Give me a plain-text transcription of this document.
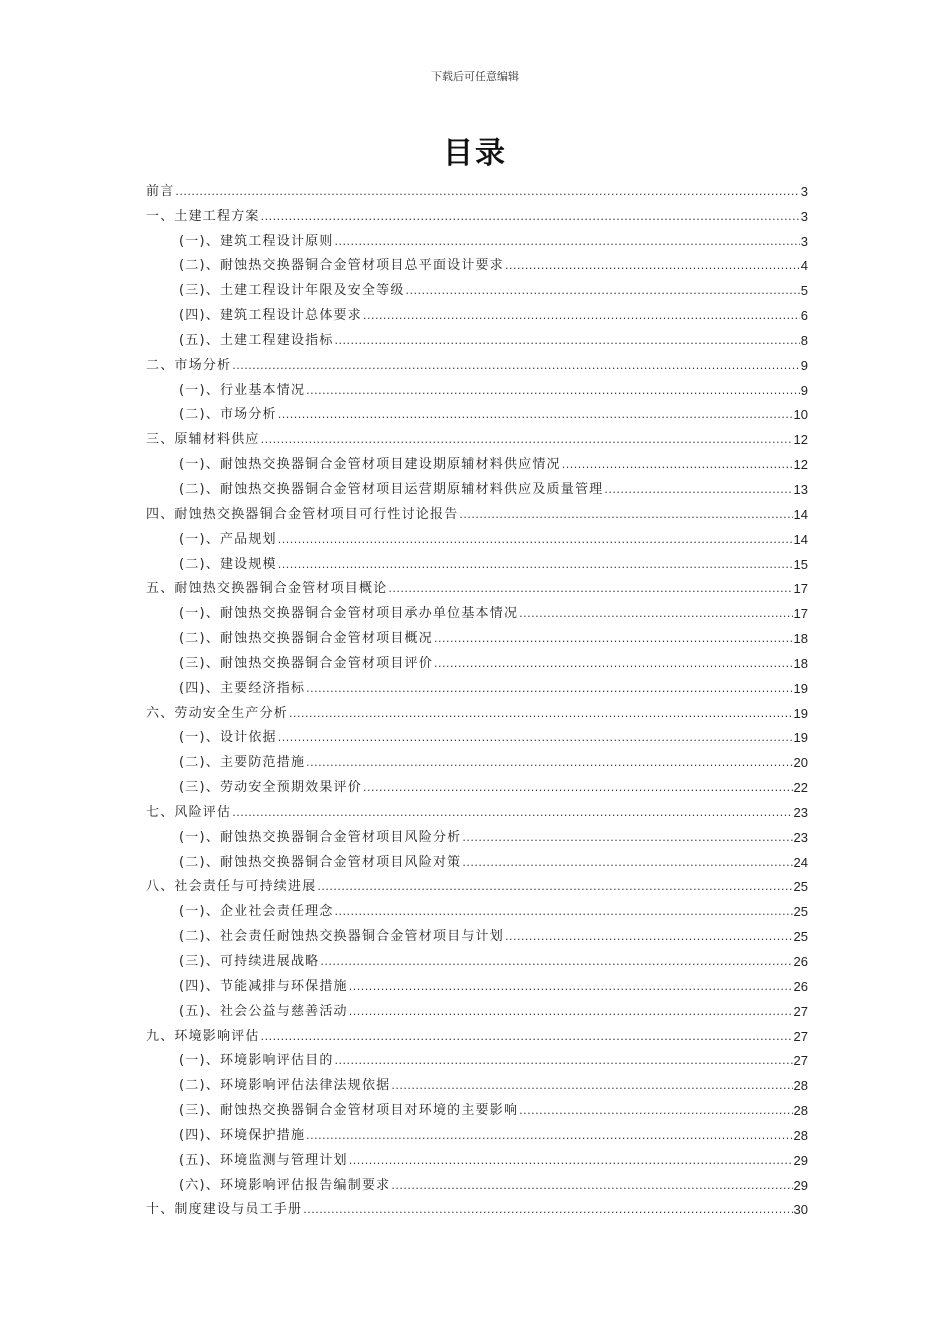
下载后可任意编辑
目录
前言 .....	3
一、土建工程方案 .....	3
(一)、建筑工程设计原则 .....	3
(二)、耐蚀热交换器铜合金管材项目总平面设计要求 .....	4
(三)、土建工程设计年限及安全等级 .....	5
(四)、建筑工程设计总体要求 .....	6
(五)、土建工程建设指标 .....	8
二、市场分析 .....	9
(一)、行业基本情况 .....	9
(二)、市场分析 .....	10
三、原辅材料供应 .....	12
(一)、耐蚀热交换器铜合金管材项目建设期原辅材料供应情况 .....	12
(二)、耐蚀热交换器铜合金管材项目运营期原辅材料供应及质量管理 .....	13
四、耐蚀热交换器铜合金管材项目可行性讨论报告 .....	14
(一)、产品规划 .....	14
(二)、建设规模 .....	15
五、耐蚀热交换器铜合金管材项目概论 .....	17
(一)、耐蚀热交换器铜合金管材项目承办单位基本情况 .....	17
(二)、耐蚀热交换器铜合金管材项目概况 .....	18
(三)、耐蚀热交换器铜合金管材项目评价 .....	18
(四)、主要经济指标 .....	19
六、劳动安全生产分析 .....	19
(一)、设计依据 .....	19
(二)、主要防范措施 .....	20
(三)、劳动安全预期效果评价 .....	22
七、风险评估 .....	23
(一)、耐蚀热交换器铜合金管材项目风险分析 .....	23
(二)、耐蚀热交换器铜合金管材项目风险对策 .....	24
八、社会责任与可持续进展 .....	25
(一)、企业社会责任理念 .....	25
(二)、社会责任耐蚀热交换器铜合金管材项目与计划 .....	25
(三)、可持续进展战略 .....	26
(四)、节能减排与环保措施 .....	26
(五)、社会公益与慈善活动 .....	27
九、环境影响评估 .....	27
(一)、环境影响评估目的 .....	27
(二)、环境影响评估法律法规依据 .....	28
(三)、耐蚀热交换器铜合金管材项目对环境的主要影响 .....	28
(四)、环境保护措施 .....	28
(五)、环境监测与管理计划 .....	29
(六)、环境影响评估报告编制要求 .....	29
十、制度建设与员工手册 .....	30
